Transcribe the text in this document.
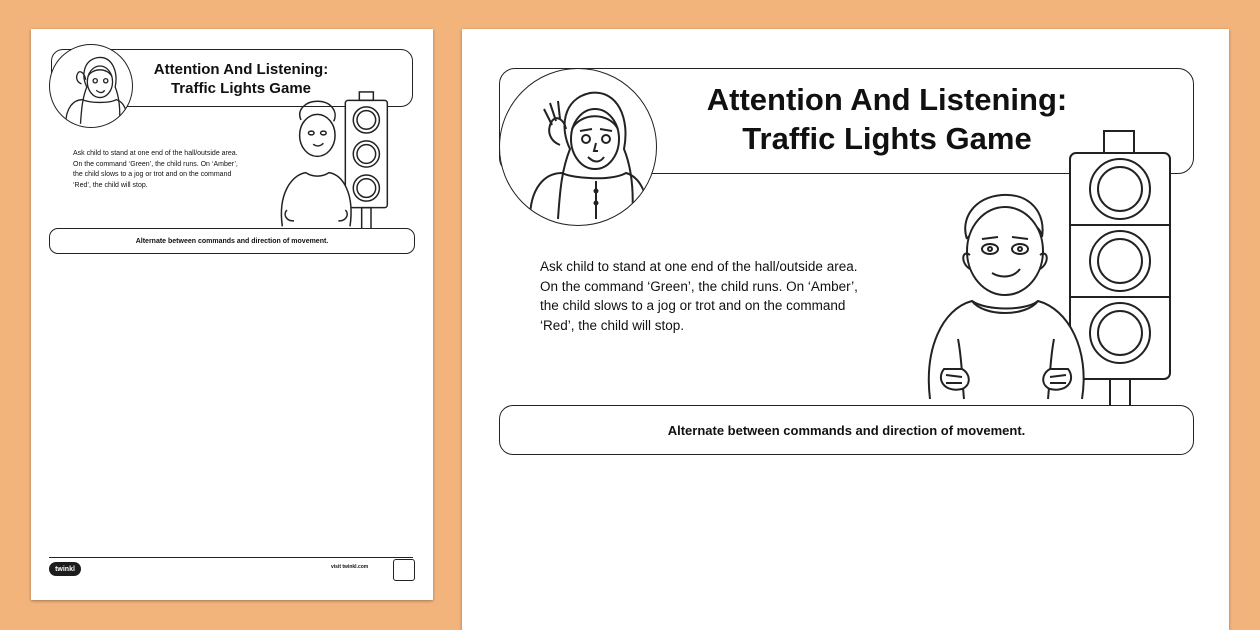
Attention And Listening:
Traffic Lights Game
Ask child to stand at one end of the hall/outside area.
On the command ‘Green’, the child runs. On ‘Amber’,
the child slows to a jog or trot and on the command
‘Red’, the child will stop.
Alternate between commands and direction of movement.
twinkl	visit twinkl.com
Attention And Listening:
Traffic Lights Game
Ask child to stand at one end of the hall/outside area.
On the command ‘Green’, the child runs. On ‘Amber’,
the child slows to a jog or trot and on the command
‘Red’, the child will stop.
Alternate between commands and direction of movement.
